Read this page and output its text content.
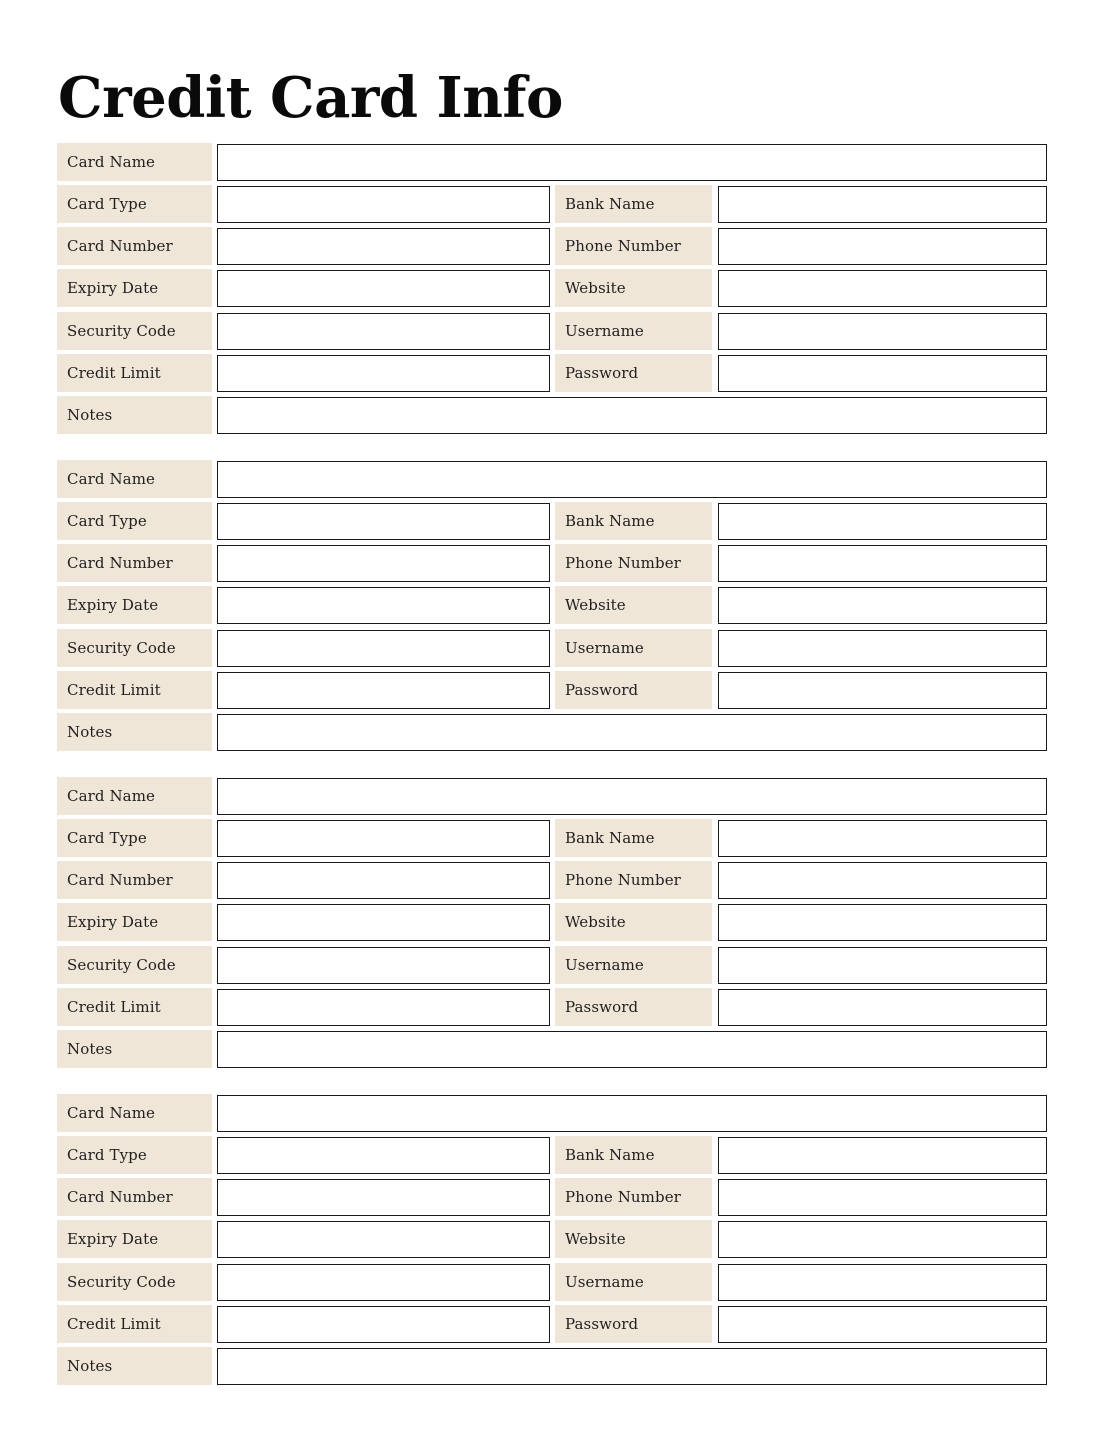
Credit Card Info
Card Name
Card Type	Bank Name
Card Number	Phone Number
Expiry Date	Website
Security Code	Username
Credit Limit	Password
Notes
Card Name
Card Type	Bank Name
Card Number	Phone Number
Expiry Date	Website
Security Code	Username
Credit Limit	Password
Notes
Card Name
Card Type	Bank Name
Card Number	Phone Number
Expiry Date	Website
Security Code	Username
Credit Limit	Password
Notes
Card Name
Card Type	Bank Name
Card Number	Phone Number
Expiry Date	Website
Security Code	Username
Credit Limit	Password
Notes
